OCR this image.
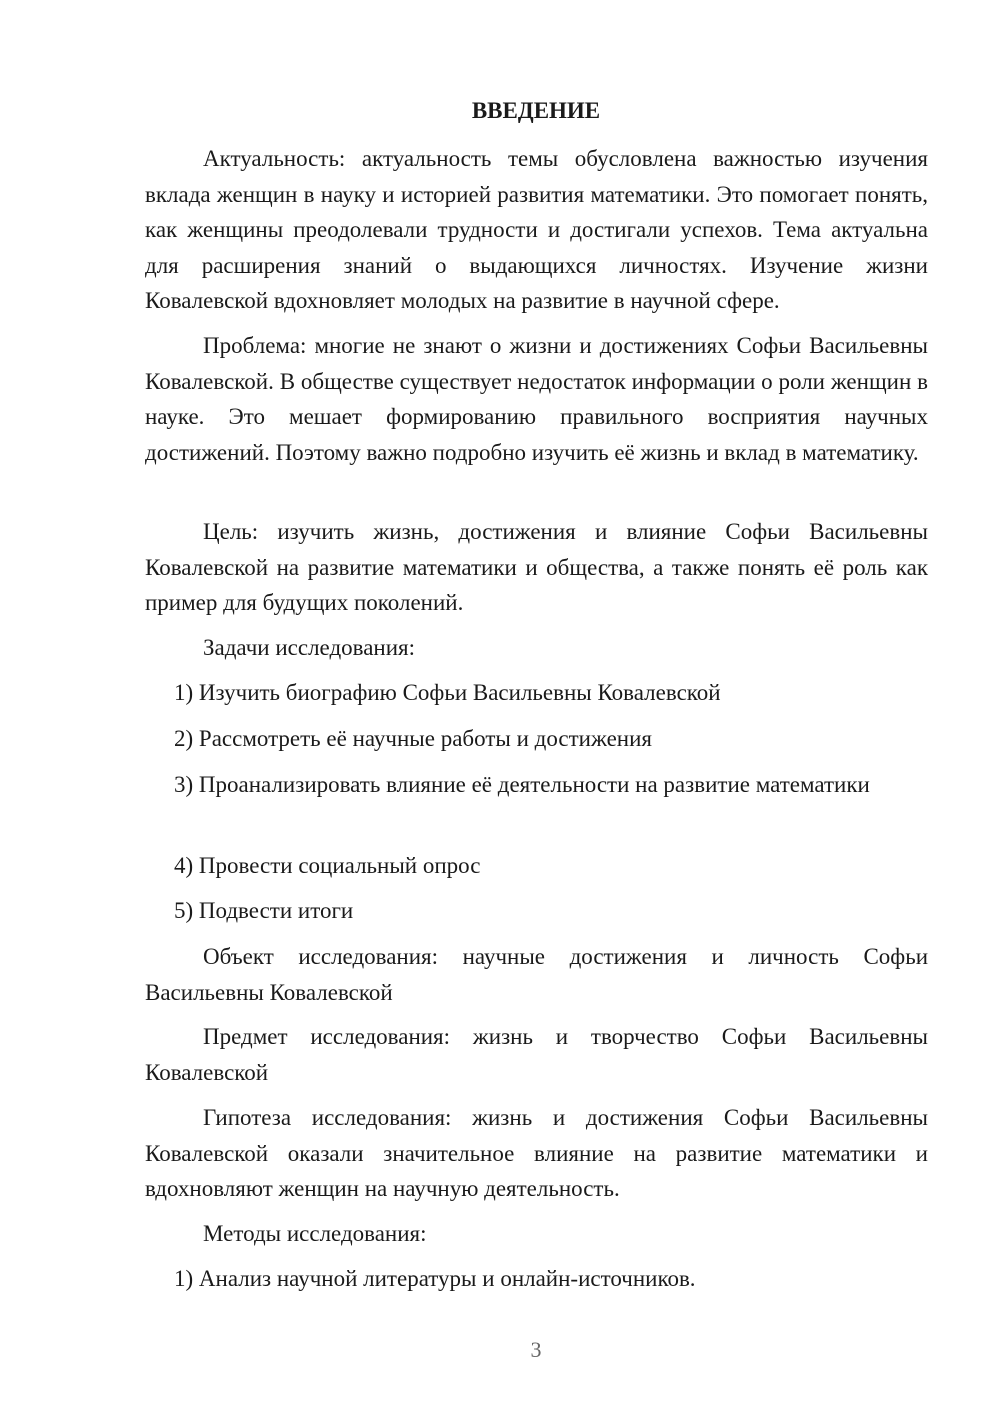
ВВЕДЕНИЕ

Актуальность: актуальность темы обусловлена важностью изучения вклада женщин в науку и историей развития математики. Это помогает понять, как женщины преодолевали трудности и достигали успехов. Тема актуальна для расширения знаний о выдающихся личностях. Изучение жизни Ковалевской вдохновляет молодых на развитие в научной сфере.

Проблема: многие не знают о жизни и достижениях Софьи Васильевны Ковалевской. В обществе существует недостаток информации о роли женщин в науке. Это мешает формированию правильного восприятия научных достижений. Поэтому важно подробно изучить её жизнь и вклад в математику.

Цель: изучить жизнь, достижения и влияние Софьи Васильевны Ковалевской на развитие математики и общества, а также понять её роль как пример для будущих поколений.

Задачи исследования:

1) Изучить биографию Софьи Васильевны Ковалевской

2) Рассмотреть её научные работы и достижения

3) Проанализировать влияние её деятельности на развитие математики

4) Провести социальный опрос

5) Подвести итоги

Объект исследования: научные достижения и личность Софьи Васильевны Ковалевской

Предмет исследования: жизнь и творчество Софьи Васильевны Ковалевской

Гипотеза исследования: жизнь и достижения Софьи Васильевны Ковалевской оказали значительное влияние на развитие математики и вдохновляют женщин на научную деятельность.

Методы исследования:

1) Анализ научной литературы и онлайн-источников.

3
